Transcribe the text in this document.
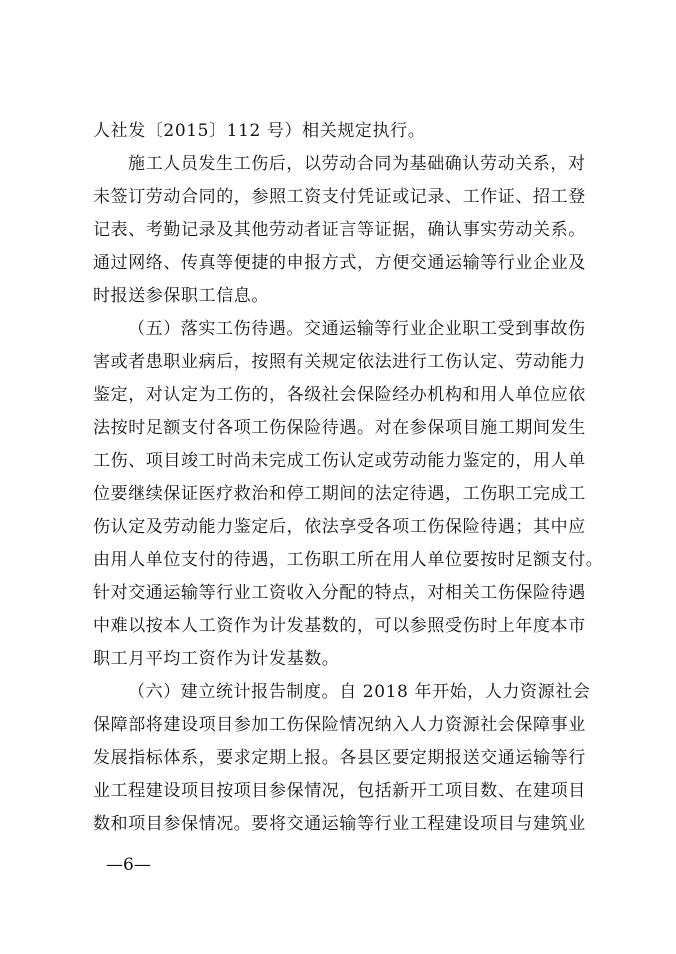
人社发〔2015〕112 号）相关规定执行。
施工人员发生工伤后，以劳动合同为基础确认劳动关系，对
未签订劳动合同的，参照工资支付凭证或记录、工作证、招工登
记表、考勤记录及其他劳动者证言等证据，确认事实劳动关系。
通过网络、传真等便捷的申报方式，方便交通运输等行业企业及
时报送参保职工信息。
（五）落实工伤待遇。交通运输等行业企业职工受到事故伤
害或者患职业病后，按照有关规定依法进行工伤认定、劳动能力
鉴定，对认定为工伤的，各级社会保险经办机构和用人单位应依
法按时足额支付各项工伤保险待遇。对在参保项目施工期间发生
工伤、项目竣工时尚未完成工伤认定或劳动能力鉴定的，用人单
位要继续保证医疗救治和停工期间的法定待遇，工伤职工完成工
伤认定及劳动能力鉴定后，依法享受各项工伤保险待遇；其中应
由用人单位支付的待遇，工伤职工所在用人单位要按时足额支付。
针对交通运输等行业工资收入分配的特点，对相关工伤保险待遇
中难以按本人工资作为计发基数的，可以参照受伤时上年度本市
职工月平均工资作为计发基数。
（六）建立统计报告制度。自 2018 年开始，人力资源社会
保障部将建设项目参加工伤保险情况纳入人力资源社会保障事业
发展指标体系，要求定期上报。各县区要定期报送交通运输等行
业工程建设项目按项目参保情况，包括新开工项目数、在建项目
数和项目参保情况。要将交通运输等行业工程建设项目与建筑业
—6—
